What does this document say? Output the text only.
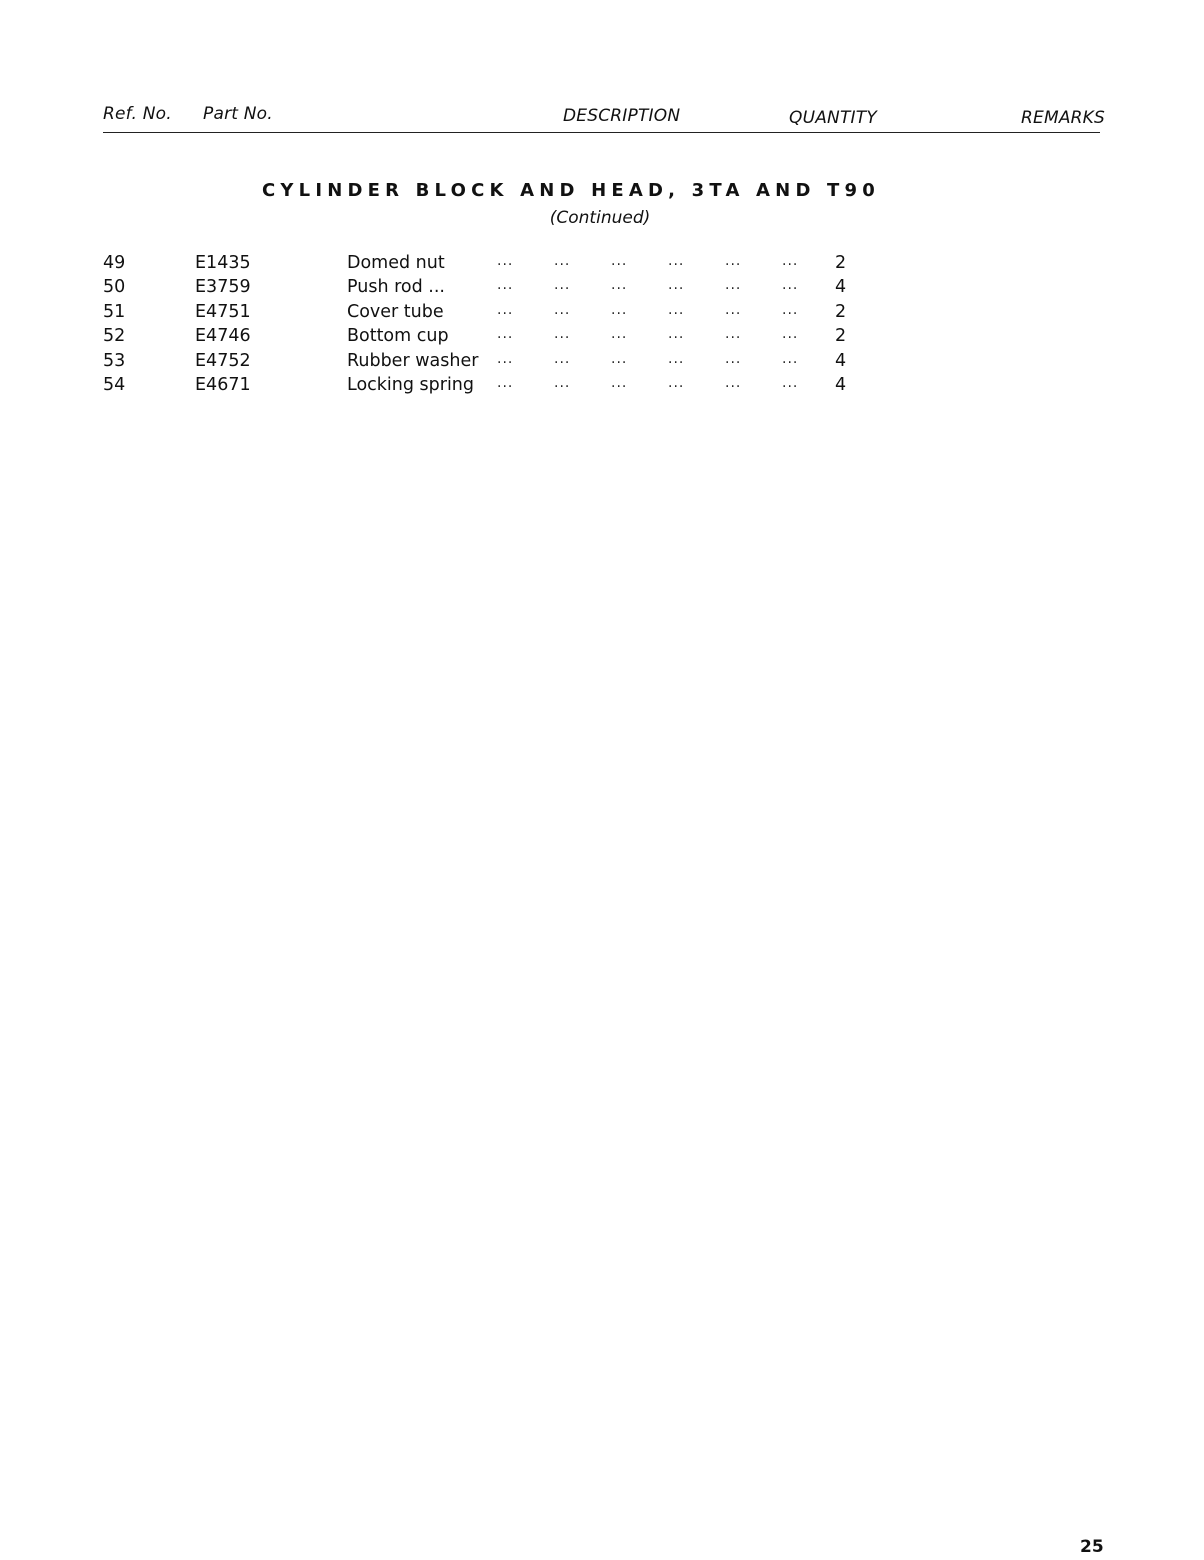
Ref. No. Part No.	DESCRIPTION	QUANTITY	REMARKS
CYLINDER BLOCK AND HEAD, 3TA AND T90
(Continued)
49	E1435	Domed nut	...	...	...	...	...	... 2
50	E3759	Push rod ...	...	...	...	...	...	... 4
51	E4751	Cover tube	...	...	...	...	...	... 2
52	E4746	Bottom cup	...	...	...	...	...	... 2
53	E4752	Rubber washer ...	...	...	...	...	... 4
54	E4671	Locking spring ...	...	...	...	...	... 4
25
